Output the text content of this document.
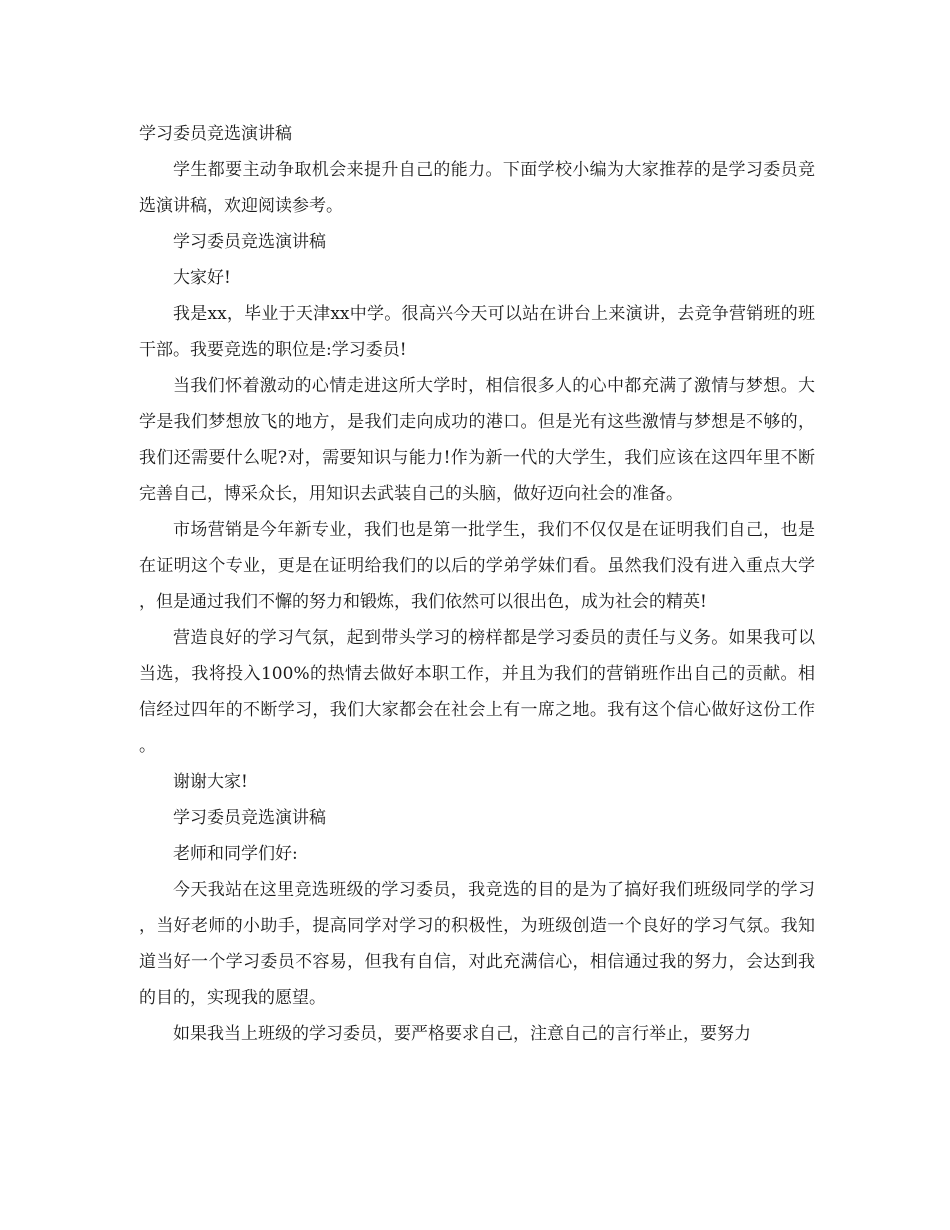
学习委员竞选演讲稿

学生都要主动争取机会来提升自己的能力。下面学校小编为大家推荐的是学习委员竞选演讲稿，欢迎阅读参考。

学习委员竞选演讲稿

大家好!

我是xx，毕业于天津xx中学。很高兴今天可以站在讲台上来演讲，去竞争营销班的班干部。我要竞选的职位是:学习委员!

当我们怀着激动的心情走进这所大学时，相信很多人的心中都充满了激情与梦想。大学是我们梦想放飞的地方，是我们走向成功的港口。但是光有这些激情与梦想是不够的，我们还需要什么呢?对，需要知识与能力!作为新一代的大学生，我们应该在这四年里不断完善自己，博采众长，用知识去武装自己的头脑，做好迈向社会的准备。

市场营销是今年新专业，我们也是第一批学生，我们不仅仅是在证明我们自己，也是在证明这个专业，更是在证明给我们的以后的学弟学妹们看。虽然我们没有进入重点大学，但是通过我们不懈的努力和锻炼，我们依然可以很出色，成为社会的精英!

营造良好的学习气氛，起到带头学习的榜样都是学习委员的责任与义务。如果我可以当选，我将投入100%的热情去做好本职工作，并且为我们的营销班作出自己的贡献。相信经过四年的不断学习，我们大家都会在社会上有一席之地。我有这个信心做好这份工作。

谢谢大家!

学习委员竞选演讲稿

老师和同学们好:

今天我站在这里竞选班级的学习委员，我竞选的目的是为了搞好我们班级同学的学习，当好老师的小助手，提高同学对学习的积极性，为班级创造一个良好的学习气氛。我知道当好一个学习委员不容易，但我有自信，对此充满信心，相信通过我的努力，会达到我的目的，实现我的愿望。

如果我当上班级的学习委员，要严格要求自己，注意自己的言行举止，要努力
